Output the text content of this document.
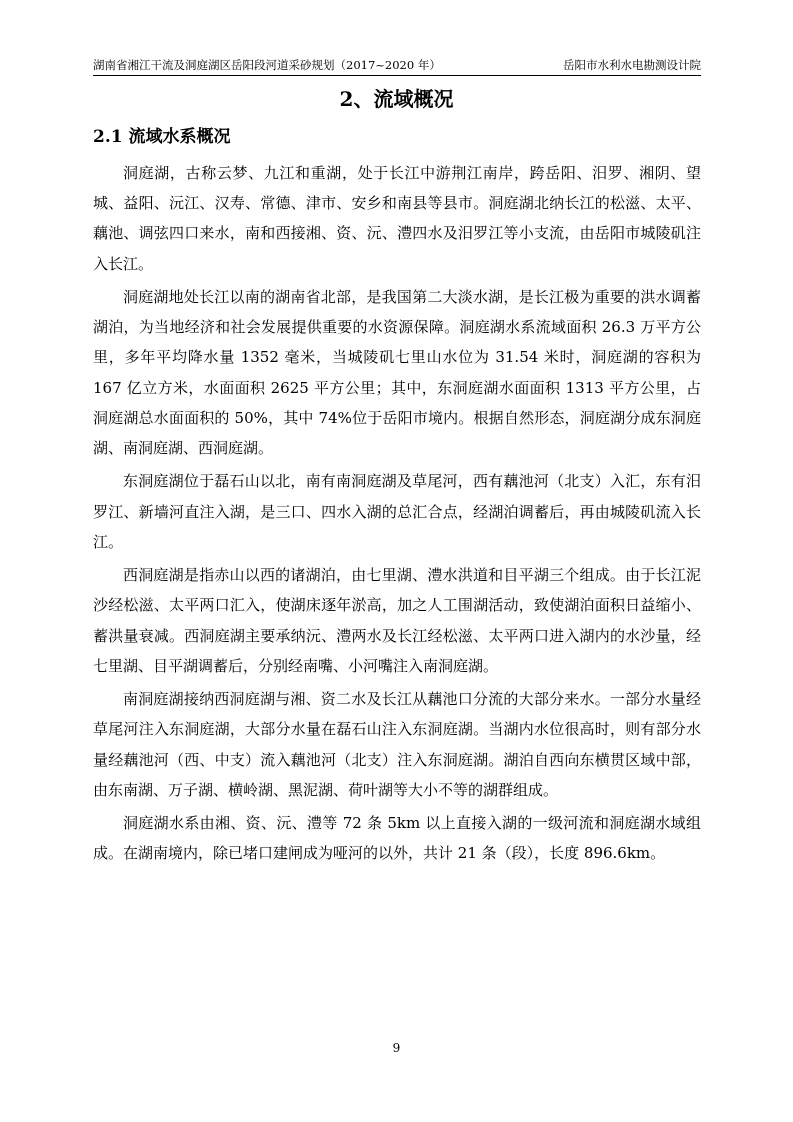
湖南省湘江干流及洞庭湖区岳阳段河道采砂规划（2017~2020 年）	岳阳市水利水电勘测设计院
2、流域概况
2.1 流域水系概况

洞庭湖，古称云梦、九江和重湖，处于长江中游荆江南岸，跨岳阳、汨罗、湘阴、望城、益阳、沅江、汉寿、常德、津市、安乡和南县等县市。洞庭湖北纳长江的松滋、太平、藕池、调弦四口来水，南和西接湘、资、沅、澧四水及汨罗江等小支流，由岳阳市城陵矶注入长江。

洞庭湖地处长江以南的湖南省北部，是我国第二大淡水湖，是长江极为重要的洪水调蓄湖泊，为当地经济和社会发展提供重要的水资源保障。洞庭湖水系流域面积 26.3 万平方公里，多年平均降水量 1352 毫米，当城陵矶七里山水位为 31.54 米时，洞庭湖的容积为 167 亿立方米，水面面积 2625 平方公里；其中，东洞庭湖水面面积 1313 平方公里，占洞庭湖总水面面积的 50%，其中 74%位于岳阳市境内。根据自然形态，洞庭湖分成东洞庭湖、南洞庭湖、西洞庭湖。

东洞庭湖位于磊石山以北，南有南洞庭湖及草尾河，西有藕池河（北支）入汇，东有汨罗江、新墙河直注入湖，是三口、四水入湖的总汇合点，经湖泊调蓄后，再由城陵矶流入长江。

西洞庭湖是指赤山以西的诸湖泊，由七里湖、澧水洪道和目平湖三个组成。由于长江泥沙经松滋、太平两口汇入，使湖床逐年淤高，加之人工围湖活动，致使湖泊面积日益缩小、蓄洪量衰减。西洞庭湖主要承纳沅、澧两水及长江经松滋、太平两口进入湖内的水沙量，经七里湖、目平湖调蓄后，分别经南嘴、小河嘴注入南洞庭湖。

南洞庭湖接纳西洞庭湖与湘、资二水及长江从藕池口分流的大部分来水。一部分水量经草尾河注入东洞庭湖，大部分水量在磊石山注入东洞庭湖。当湖内水位很高时，则有部分水量经藕池河（西、中支）流入藕池河（北支）注入东洞庭湖。湖泊自西向东横贯区域中部，由东南湖、万子湖、横岭湖、黑泥湖、荷叶湖等大小不等的湖群组成。

洞庭湖水系由湘、资、沅、澧等 72 条 5km 以上直接入湖的一级河流和洞庭湖水域组成。在湖南境内，除已堵口建闸成为哑河的以外，共计 21 条（段），长度 896.6km。

9
